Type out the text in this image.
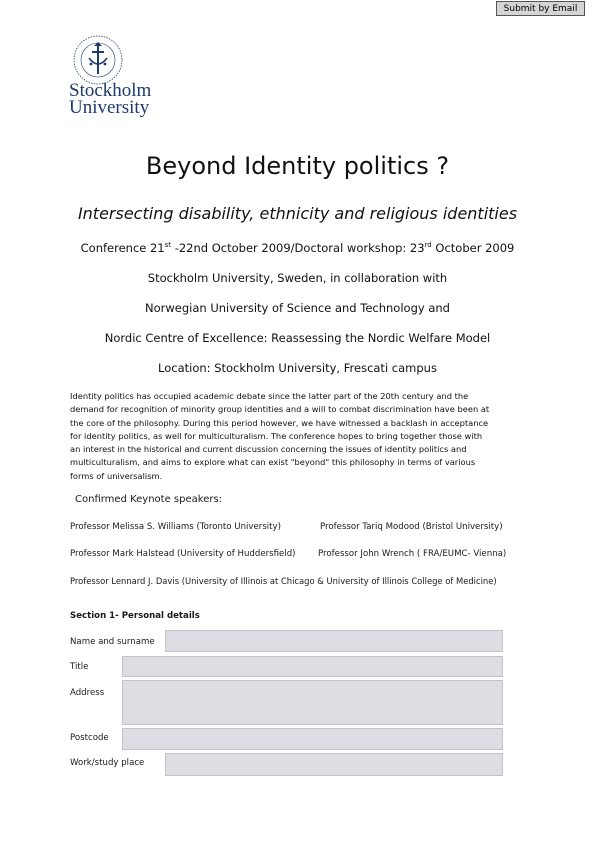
Submit by Email
Stockholm
University
Beyond Identity politics ?
Intersecting disability, ethnicity and religious identities
Conference 21st -22nd October 2009/Doctoral workshop: 23rd October 2009
Stockholm University, Sweden, in collaboration with
Norwegian University of Science and Technology and
Nordic Centre of Excellence: Reassessing the Nordic Welfare Model
Location: Stockholm University, Frescati campus
Identity politics has occupied academic debate since the latter part of the 20th century and the
demand for recognition of minority group identities and a will to combat discrimination have been at
the core of the philosophy. During this period however, we have witnessed a backlash in acceptance
for identity politics, as well for multiculturalism. The conference hopes to bring together those with
an interest in the historical and current discussion concerning the issues of identity politics and
multiculturalism, and aims to explore what can exist "beyond" this philosophy in terms of various
forms of universalism.
Confirmed Keynote speakers:
Professor Melissa S. Williams (Toronto University)	Professor Tariq Modood (Bristol University)
Professor Mark Halstead (University of Huddersfield)	Professor John Wrench ( FRA/EUMC- Vienna)
Professor Lennard J. Davis (University of Illinois at Chicago & University of Illinois College of Medicine)
Section 1- Personal details
Name and surname
Title
Address
Postcode
Work/study place
